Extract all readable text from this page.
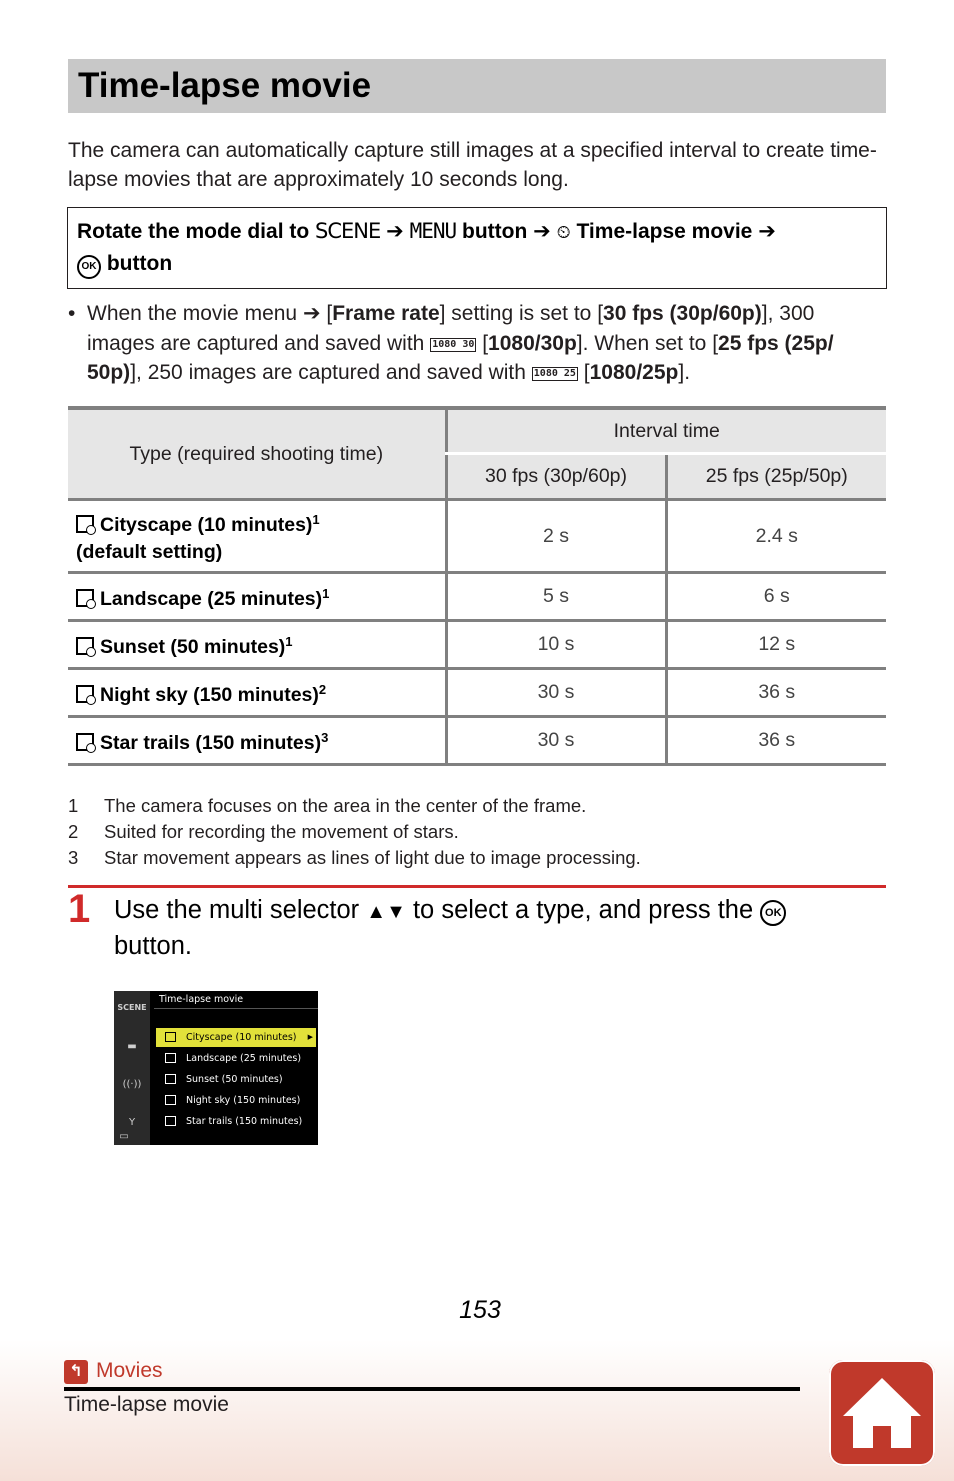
Time-lapse movie
The camera can automatically capture still images at a specified interval to create time-lapse movies that are approximately 10 seconds long.
Rotate the mode dial to SCENE ➔ MENU button ➔ ⏲ Time-lapse movie ➔
OK button
• When the movie menu ➔ [Frame rate] setting is set to [30 fps (30p/60p)], 300 images are captured and saved with 1080 30 [1080/30p]. When set to [25 fps (25p/ 50p)], 250 images are captured and saved with 1080 25 [1080/25p].
Type (required shooting time)	Interval time	
	30 fps (30p/60p)	25 fps (25p/50p)
Cityscape (10 minutes)$^1$
(default setting)	2 s	2.4 s
Landscape (25 minutes)$^1$	5 s	6 s
Sunset (50 minutes)$^1$	10 s	12 s
Night sky (150 minutes)$^2$	30 s	36 s
Star trails (150 minutes)$^3$	30 s	36 s
1 The camera focuses on the area in the center of the frame.
2 Suited for recording the movement of stars.
3 Star movement appears as lines of light due to image processing.
1 Use the multi selector ▲▼ to select a type, and press the OK
button.
SCENE
▬
((·))
Y
▭
Time-lapse movie
Cityscape (10 minutes) ▶
Landscape (25 minutes)
Sunset (50 minutes)
Night sky (150 minutes)
Star trails (150 minutes)
153
↰ Movies
Time-lapse movie
